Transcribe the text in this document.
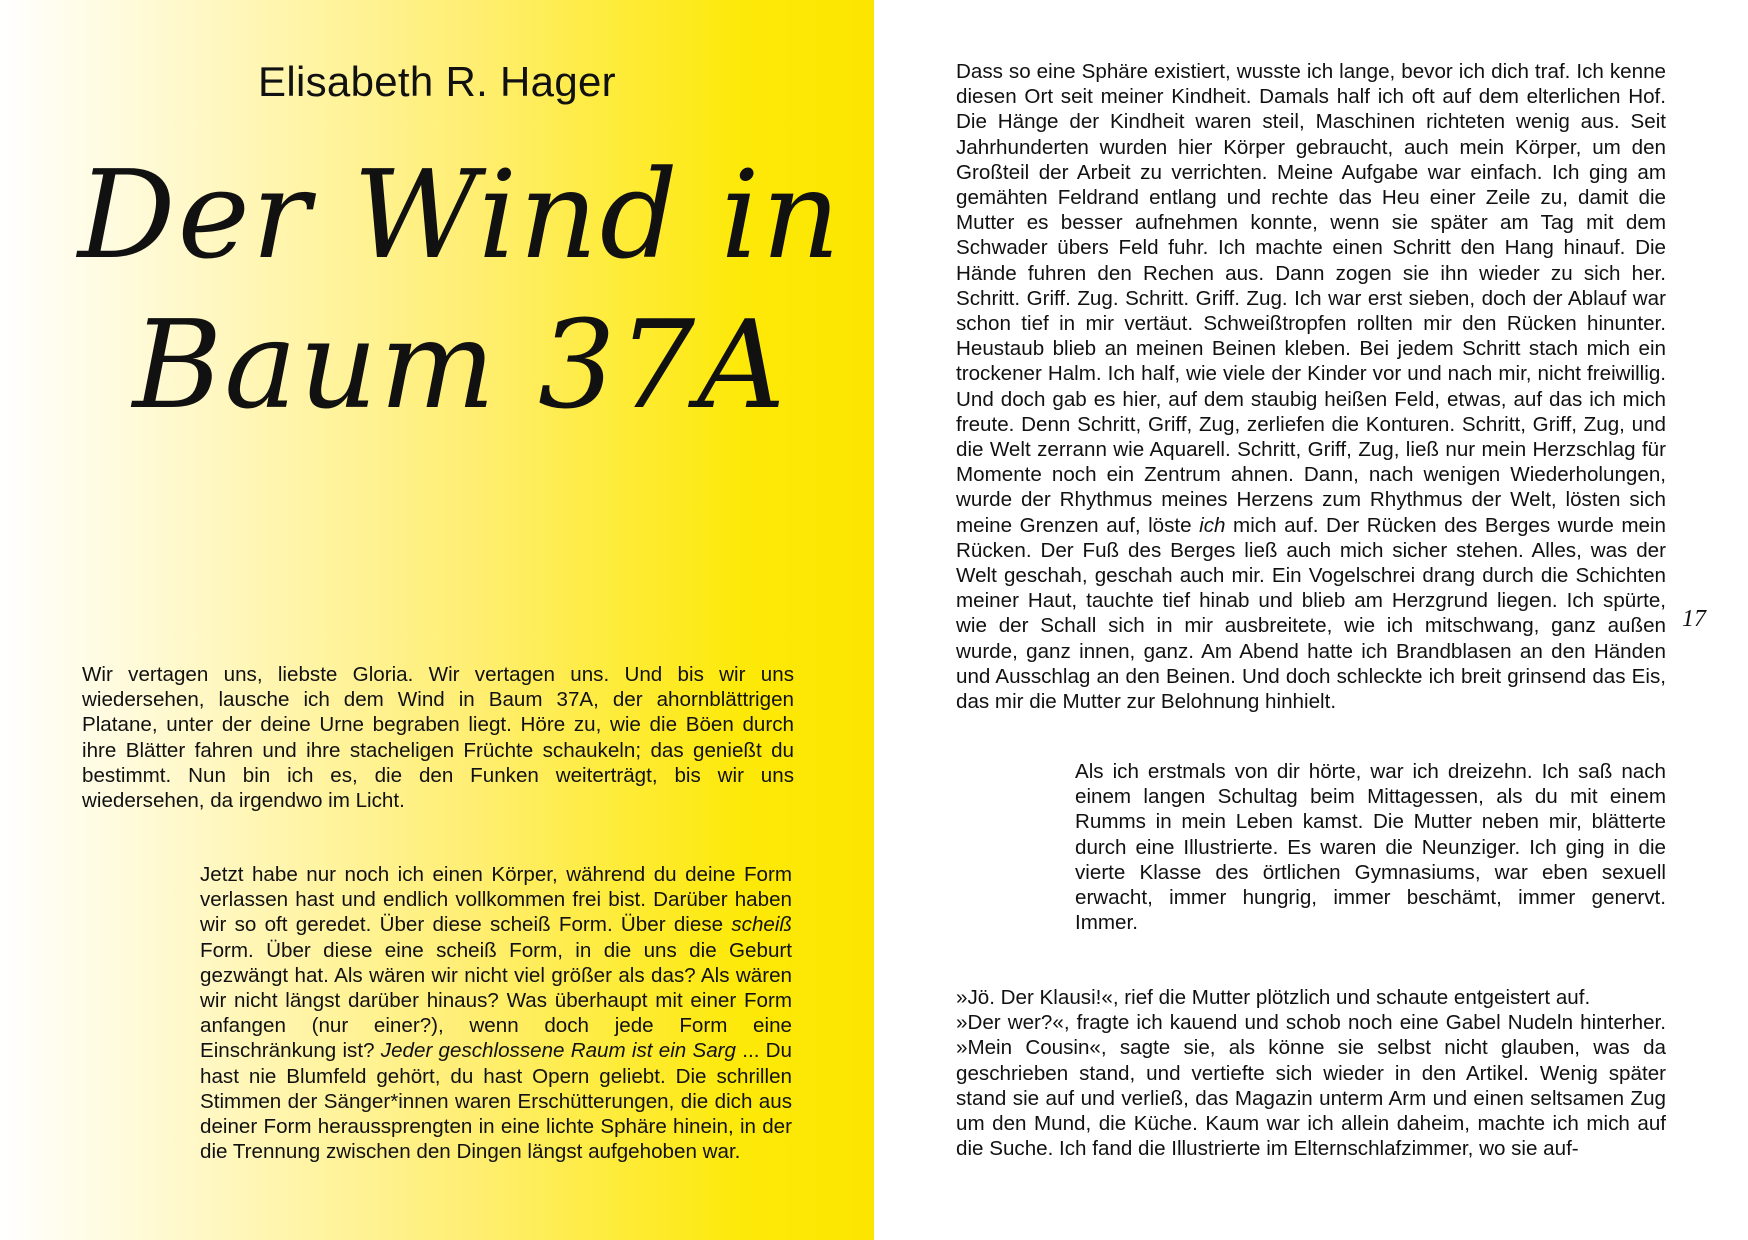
Elisabeth R. Hager
Der Wind in
Baum 37A

Wir vertagen uns, liebste Gloria. Wir vertagen uns. Und bis wir uns wiedersehen, lausche ich dem Wind in Baum 37A, der ahornblättrigen Platane, unter der deine Urne begraben liegt. Höre zu, wie die Böen durch ihre Blätter fahren und ihre stacheligen Früchte schaukeln; das genießt du bestimmt. Nun bin ich es, die den Funken weiterträgt, bis wir uns wiedersehen, da irgendwo im Licht.

Jetzt habe nur noch ich einen Körper, während du deine Form verlassen hast und endlich vollkommen frei bist. Darüber haben wir so oft geredet. Über diese scheiß Form. Über diese scheiß Form. Über diese eine scheiß Form, in die uns die Geburt gezwängt hat. Als wären wir nicht viel größer als das? Als wären wir nicht längst darüber hinaus? Was überhaupt mit einer Form anfangen (nur einer?), wenn doch jede Form eine Einschränkung ist? Jeder geschlossene Raum ist ein Sarg ... Du hast nie Blumfeld gehört, du hast Opern geliebt. Die schrillen Stimmen der Sänger*innen waren Erschütterungen, die dich aus deiner Form heraussprengten in eine lichte Sphäre hinein, in der die Trennung zwischen den Dingen längst aufgehoben war.

Dass so eine Sphäre existiert, wusste ich lange, bevor ich dich traf. Ich kenne diesen Ort seit meiner Kindheit. Damals half ich oft auf dem elterlichen Hof. Die Hänge der Kindheit waren steil, Maschinen richteten wenig aus. Seit Jahrhunderten wurden hier Körper gebraucht, auch mein Körper, um den Großteil der Arbeit zu verrichten. Meine Aufgabe war einfach. Ich ging am gemähten Feldrand entlang und rechte das Heu einer Zeile zu, damit die Mutter es besser aufnehmen konnte, wenn sie später am Tag mit dem Schwader übers Feld fuhr. Ich machte einen Schritt den Hang hinauf. Die Hände fuhren den Rechen aus. Dann zogen sie ihn wieder zu sich her. Schritt. Griff. Zug. Schritt. Griff. Zug. Ich war erst sieben, doch der Ablauf war schon tief in mir vertäut. Schweißtropfen rollten mir den Rücken hinunter. Heustaub blieb an meinen Beinen kleben. Bei jedem Schritt stach mich ein trockener Halm. Ich half, wie viele der Kinder vor und nach mir, nicht freiwillig. Und doch gab es hier, auf dem staubig heißen Feld, etwas, auf das ich mich freute. Denn Schritt, Griff, Zug, zerliefen die Konturen. Schritt, Griff, Zug, und die Welt zerrann wie Aquarell. Schritt, Griff, Zug, ließ nur mein Herzschlag für Momente noch ein Zentrum ahnen. Dann, nach wenigen Wiederholungen, wurde der Rhythmus meines Herzens zum Rhythmus der Welt, lösten sich meine Grenzen auf, löste ich mich auf. Der Rücken des Berges wurde mein Rücken. Der Fuß des Berges ließ auch mich sicher stehen. Alles, was der Welt geschah, geschah auch mir. Ein Vogelschrei drang durch die Schichten meiner Haut, tauchte tief hinab und blieb am Herzgrund liegen. Ich spürte, wie der Schall sich in mir ausbreitete, wie ich mitschwang, ganz außen wurde, ganz innen, ganz. Am Abend hatte ich Brandblasen an den Händen und Ausschlag an den Beinen. Und doch schleckte ich breit grinsend das Eis, das mir die Mutter zur Belohnung hinhielt.

17

Als ich erstmals von dir hörte, war ich dreizehn. Ich saß nach einem langen Schultag beim Mittagessen, als du mit einem Rumms in mein Leben kamst. Die Mutter neben mir, blätterte durch eine Illustrierte. Es waren die Neunziger. Ich ging in die vierte Klasse des örtlichen Gymnasiums, war eben sexuell erwacht, immer hungrig, immer beschämt, immer genervt. Immer.

»Jö. Der Klausi!«, rief die Mutter plötzlich und schaute entgeistert auf.

»Der wer?«, fragte ich kauend und schob noch eine Gabel Nudeln hinterher. »Mein Cousin«, sagte sie, als könne sie selbst nicht glauben, was da geschrieben stand, und vertiefte sich wieder in den Artikel. Wenig später stand sie auf und verließ, das Magazin unterm Arm und einen seltsamen Zug um den Mund, die Küche. Kaum war ich allein daheim, machte ich mich auf die Suche. Ich fand die Illustrierte im Elternschlafzimmer, wo sie auf-
